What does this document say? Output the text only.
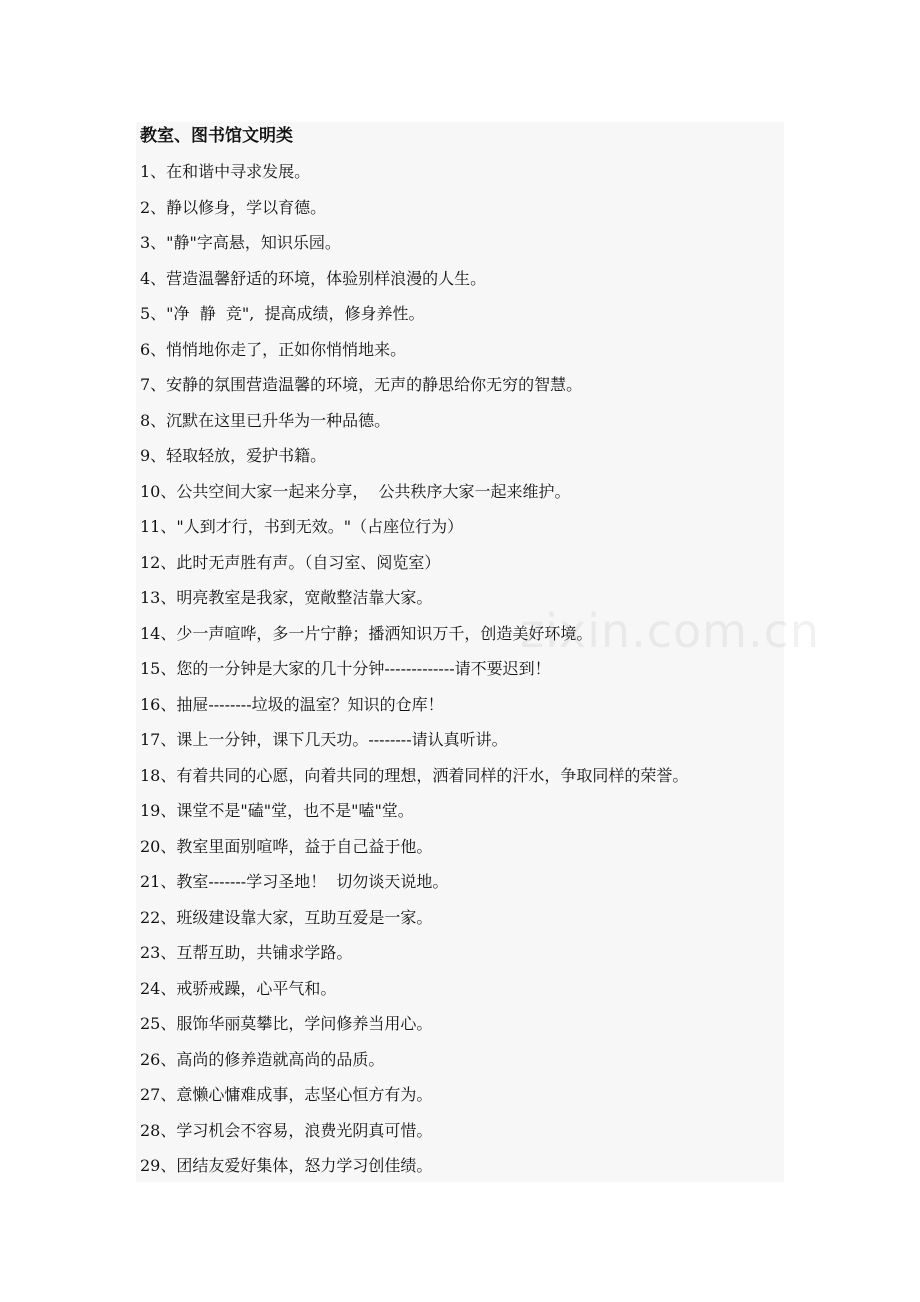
教室、图书馆文明类
1、在和谐中寻求发展。
2、静以修身，学以育德。
3、"静"字高悬，知识乐园。
4、营造温馨舒适的环境，体验别样浪漫的人生。
5、"净  静  竞",  提高成绩，修身养性。
6、悄悄地你走了，正如你悄悄地来。
7、安静的氛围营造温馨的环境，无声的静思给你无穷的智慧。
8、沉默在这里已升华为一种品德。
9、轻取轻放，爱护书籍。
10、公共空间大家一起来分享，  公共秩序大家一起来维护。
11、"人到才行，书到无效。"（占座位行为）
12、此时无声胜有声。（自习室、阅览室）
13、明亮教室是我家，宽敞整洁靠大家。
14、少一声喧哗，多一片宁静；播洒知识万千，创造美好环境。
15、您的一分钟是大家的几十分钟-------------请不要迟到！
16、抽屉--------垃圾的温室？知识的仓库！
17、课上一分钟，课下几天功。--------请认真听讲。
18、有着共同的心愿，向着共同的理想，洒着同样的汗水，争取同样的荣誉。
19、课堂不是"磕"堂，也不是"嗑"堂。
20、教室里面别喧哗，益于自己益于他。
21、教室-------学习圣地！  切勿谈天说地。
22、班级建设靠大家，互助互爱是一家。
23、互帮互助，共铺求学路。
24、戒骄戒躁，心平气和。
25、服饰华丽莫攀比，学问修养当用心。
26、高尚的修养造就高尚的品质。
27、意懒心慵难成事，志坚心恒方有为。
28、学习机会不容易，浪费光阴真可惜。
29、团结友爱好集体，怒力学习创佳绩。
